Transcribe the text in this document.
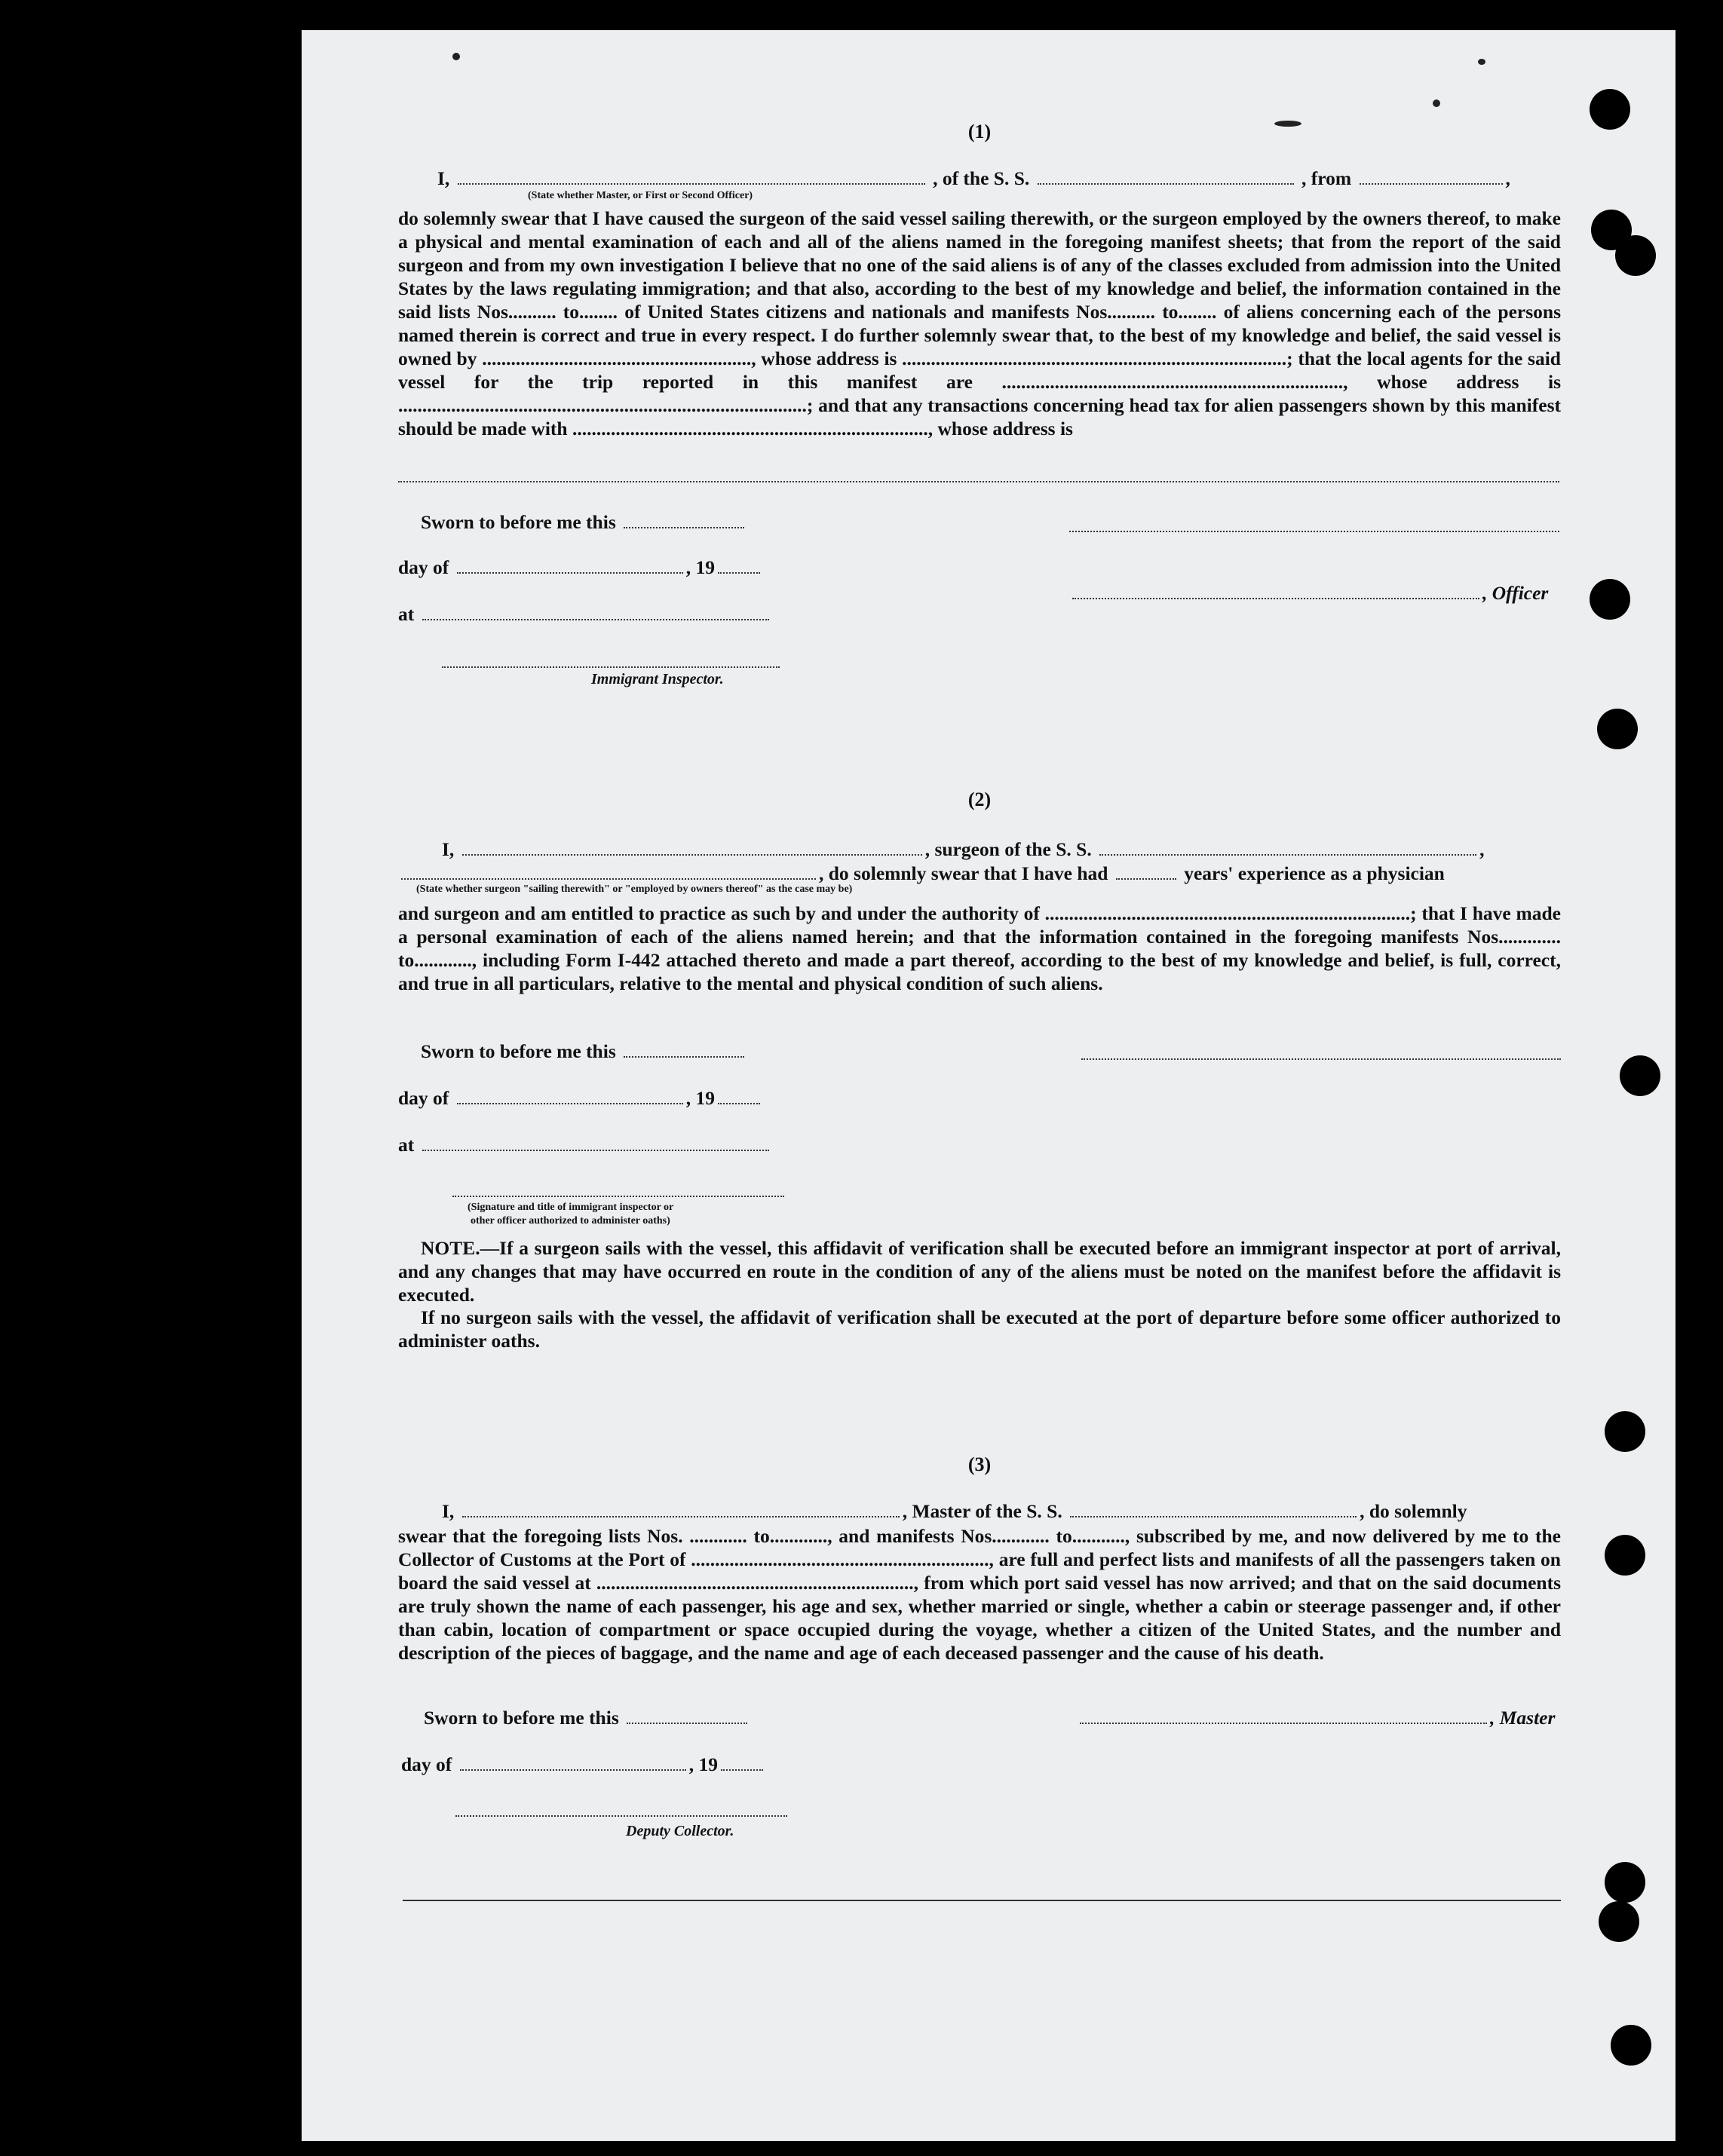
(1)
I,	, of the S. S.	, from	,
(State whether Master, or First or Second Officer)
do solemnly swear that I have caused the surgeon of the said vessel sailing therewith, or the surgeon employed by the owners thereof, to make a physical and mental examination of each and all of the aliens named in the foregoing manifest sheets; that from the report of the said surgeon and from my own investigation I believe that no one of the said aliens is of any of the classes excluded from admission into the United States by the laws regulating immigration; and that also, according to the best of my knowledge and belief, the information contained in the said lists Nos.......... to........ of United States citizens and nationals and manifests Nos.......... to........ of aliens concerning each of the persons named therein is correct and true in every respect. I do further solemnly swear that, to the best of my knowledge and belief, the said vessel is owned by ........................................................, whose address is ................................................................................; that the local agents for the said vessel for the trip reported in this manifest are ......................................................................., whose address is .....................................................................................; and that any transactions concerning head tax for alien passengers shown by this manifest should be made with .........................................................................., whose address is
Sworn to before me this
day of	, 19
, Officer
at
Immigrant Inspector.
(2)
I,	, surgeon of the S. S.	,
, do solemnly swear that I have had	years' experience as a physician
(State whether surgeon "sailing therewith" or "employed by owners thereof" as the case may be)
and surgeon and am entitled to practice as such by and under the authority of ............................................................................; that I have made a personal examination of each of the aliens named herein; and that the information contained in the foregoing manifests Nos............. to............, including Form I-442 attached thereto and made a part thereof, according to the best of my knowledge and belief, is full, correct, and true in all particulars, relative to the mental and physical condition of such aliens.
Sworn to before me this
day of	, 19
at
(Signature and title of immigrant inspector or
other officer authorized to administer oaths)
NOTE.—If a surgeon sails with the vessel, this affidavit of verification shall be executed before an immigrant inspector at port of arrival, and any changes that may have occurred en route in the condition of any of the aliens must be noted on the manifest before the affidavit is executed.
If no surgeon sails with the vessel, the affidavit of verification shall be executed at the port of departure before some officer authorized to administer oaths.
(3)
I,	, Master of the S. S.	, do solemnly
swear that the foregoing lists Nos. ............ to............, and manifests Nos............ to..........., subscribed by me, and now delivered by me to the Collector of Customs at the Port of .............................................................., are full and perfect lists and manifests of all the passengers taken on board the said vessel at .................................................................., from which port said vessel has now arrived; and that on the said documents are truly shown the name of each passenger, his age and sex, whether married or single, whether a cabin or steerage passenger and, if other than cabin, location of compartment or space occupied during the voyage, whether a citizen of the United States, and the number and description of the pieces of baggage, and the name and age of each deceased passenger and the cause of his death.
Sworn to before me this	, Master
day of	, 19
Deputy Collector.
